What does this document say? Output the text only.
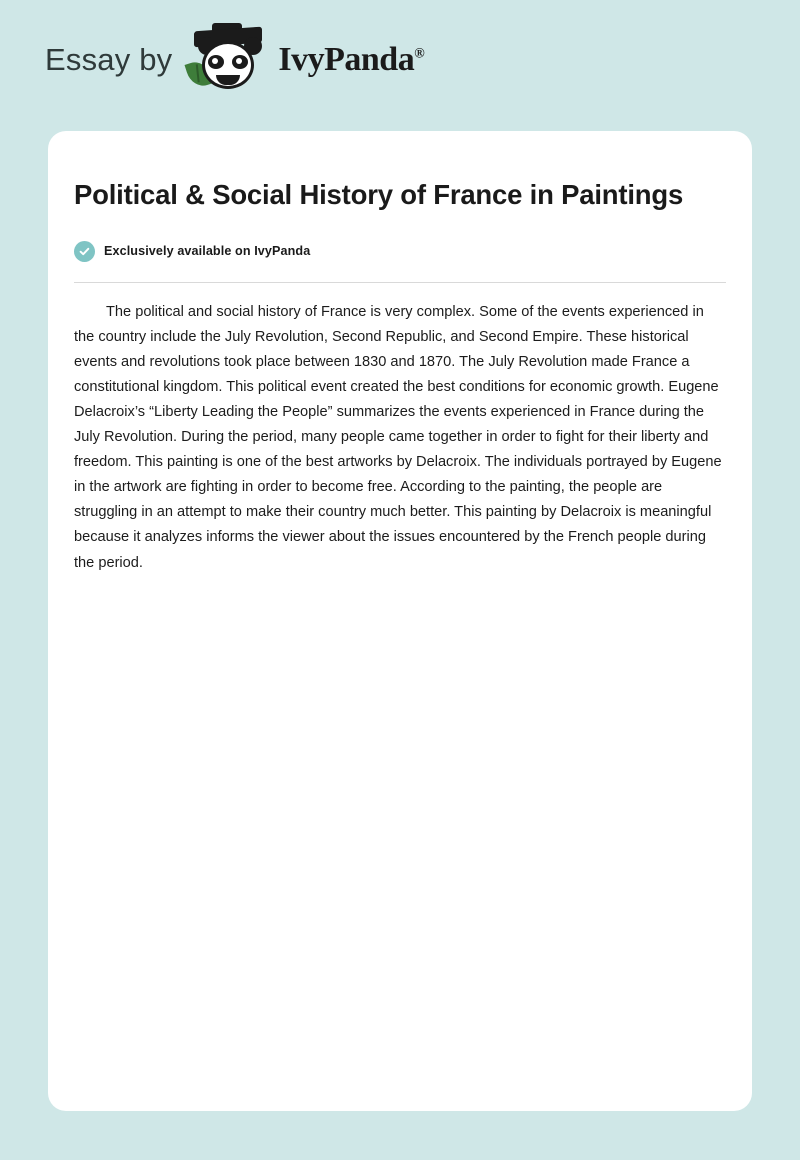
Essay by	IvyPanda®
Political & Social History of France in Paintings
Exclusively available on IvyPanda

The political and social history of France is very complex. Some of the events experienced in the country include the July Revolution, Second Republic, and Second Empire. These historical events and revolutions took place between 1830 and 1870. The July Revolution made France a constitutional kingdom. This political event created the best conditions for economic growth. Eugene Delacroix’s “Liberty Leading the People” summarizes the events experienced in France during the July Revolution. During the period, many people came together in order to fight for their liberty and freedom. This painting is one of the best artworks by Delacroix. The individuals portrayed by Eugene in the artwork are fighting in order to become free. According to the painting, the people are struggling in an attempt to make their country much better. This painting by Delacroix is meaningful because it analyzes informs the viewer about the issues encountered by the French people during the period.
